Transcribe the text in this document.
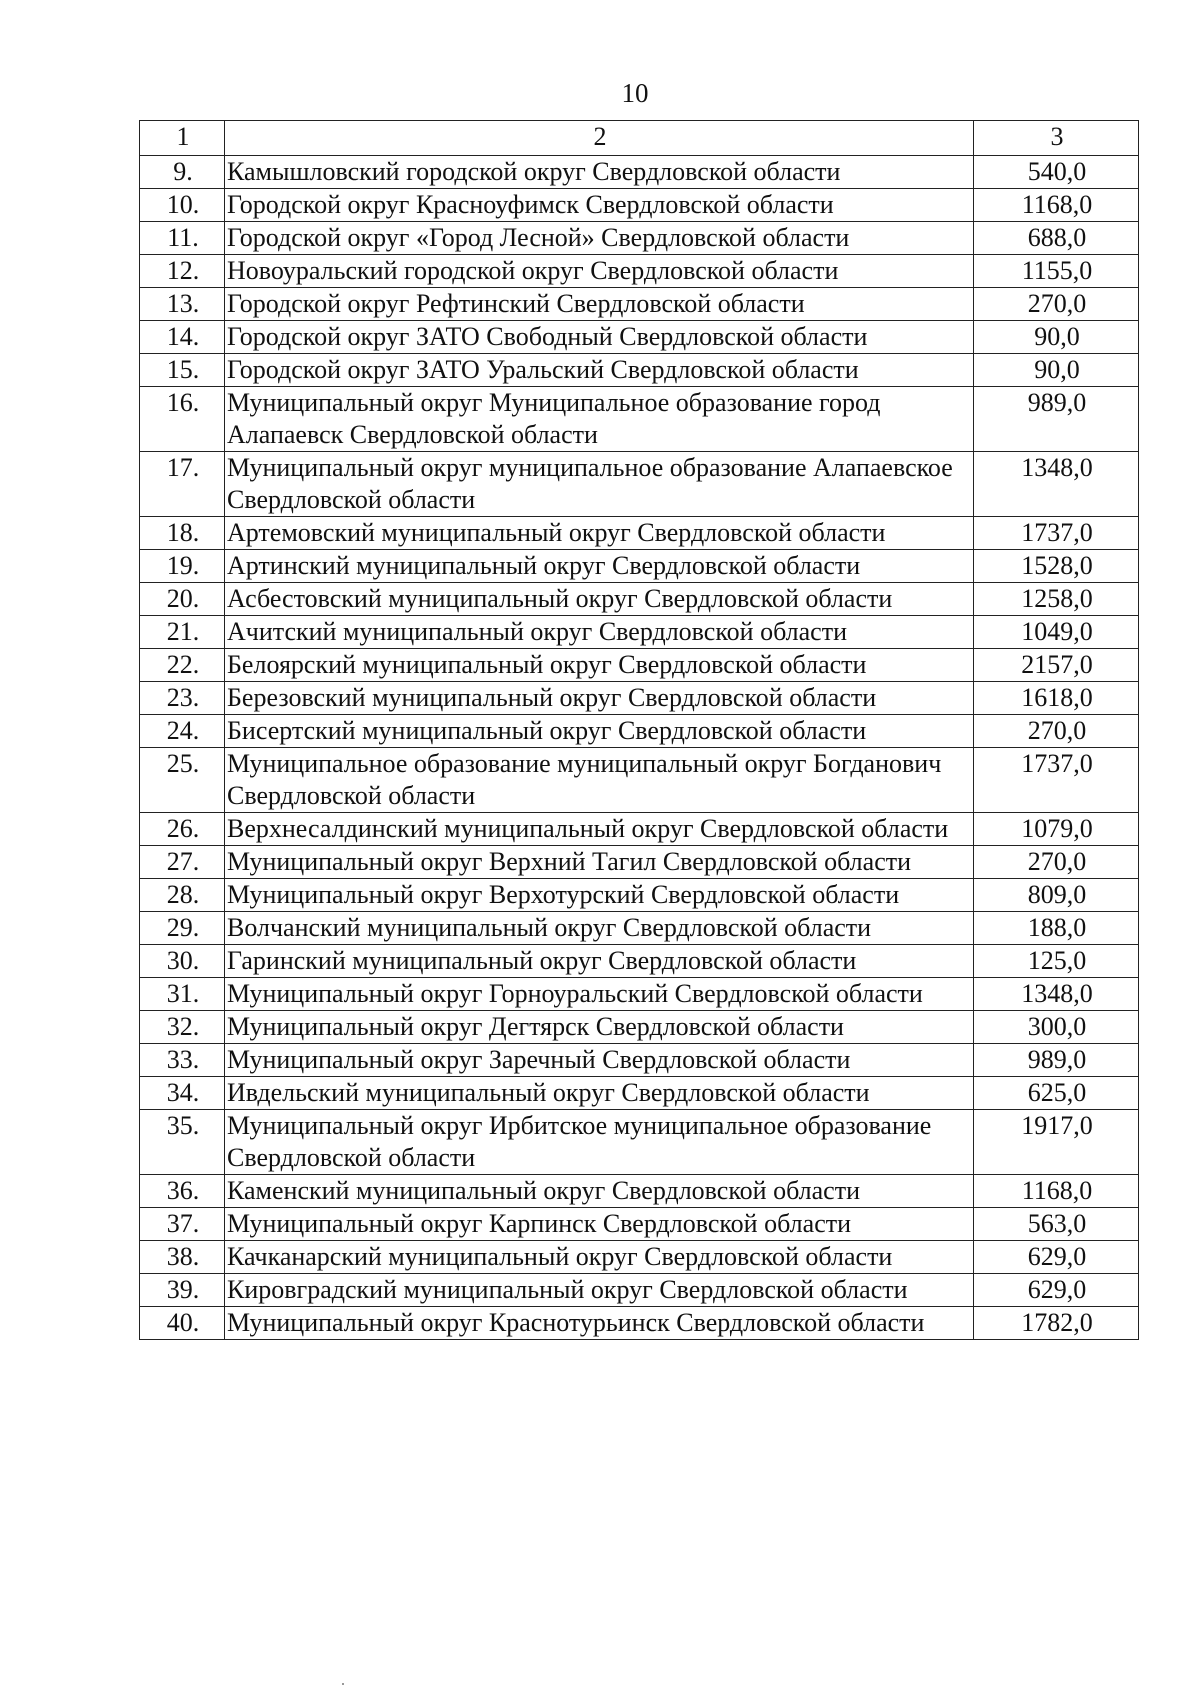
10
1	2	3
9.	Камышловский городской округ Свердловской области	540,0
10.	Городской округ Красноуфимск Свердловской области	1168,0
11.	Городской округ «Город Лесной» Свердловской области	688,0
12.	Новоуральский городской округ Свердловской области	1155,0
13.	Городской округ Рефтинский Свердловской области	270,0
14.	Городской округ ЗАТО Свободный Свердловской области	90,0
15.	Городской округ ЗАТО Уральский Свердловской области	90,0
16.	Муниципальный округ Муниципальное образование город Алапаевск Свердловской области	989,0
17.	Муниципальный округ муниципальное образование Алапаевское Свердловской области	1348,0
18.	Артемовский муниципальный округ Свердловской области	1737,0
19.	Артинский муниципальный округ Свердловской области	1528,0
20.	Асбестовский муниципальный округ Свердловской области	1258,0
21.	Ачитский муниципальный округ Свердловской области	1049,0
22.	Белоярский муниципальный округ Свердловской области	2157,0
23.	Березовский муниципальный округ Свердловской области	1618,0
24.	Бисертский муниципальный округ Свердловской области	270,0
25.	Муниципальное образование муниципальный округ Богданович Свердловской области	1737,0
26.	Верхнесалдинский муниципальный округ Свердловской области	1079,0
27.	Муниципальный округ Верхний Тагил Свердловской области	270,0
28.	Муниципальный округ Верхотурский Свердловской области	809,0
29.	Волчанский муниципальный округ Свердловской области	188,0
30.	Гаринский муниципальный округ Свердловской области	125,0
31.	Муниципальный округ Горноуральский Свердловской области	1348,0
32.	Муниципальный округ Дегтярск Свердловской области	300,0
33.	Муниципальный округ Заречный Свердловской области	989,0
34.	Ивдельский муниципальный округ Свердловской области	625,0
35.	Муниципальный округ Ирбитское муниципальное образование Свердловской области	1917,0
36.	Каменский муниципальный округ Свердловской области	1168,0
37.	Муниципальный округ Карпинск Свердловской области	563,0
38.	Качканарский муниципальный округ Свердловской области	629,0
39.	Кировградский муниципальный округ Свердловской области	629,0
40.	Муниципальный округ Краснотурьинск Свердловской области	1782,0
